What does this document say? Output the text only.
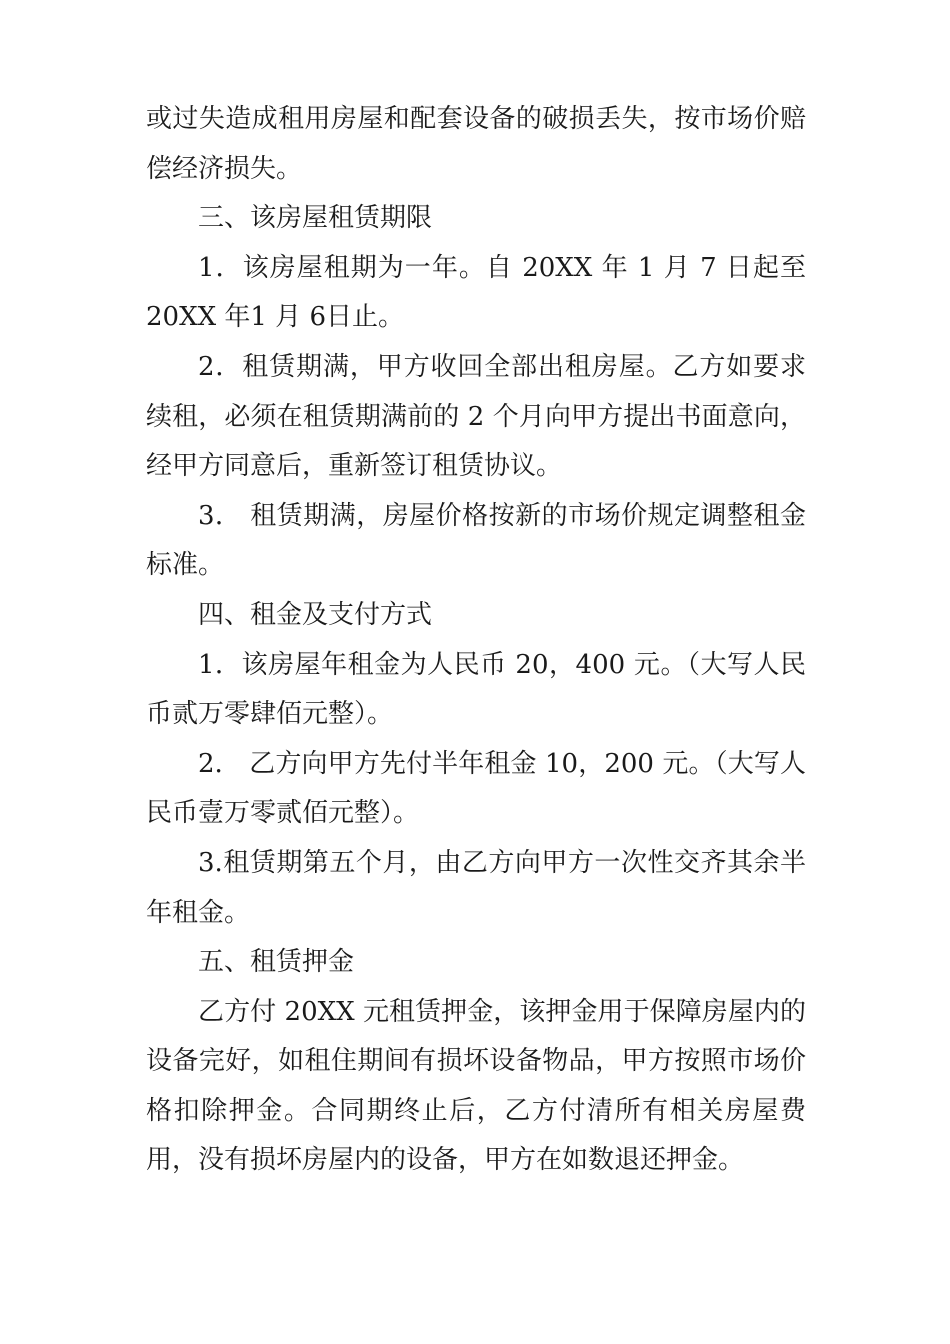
或过失造成租用房屋和配套设备的破损丢失，按市场价赔偿经济损失。

三、该房屋租赁期限

1．该房屋租期为一年。自 20XX 年 1 月 7 日起至 20XX 年1 月 6日止。

2．租赁期满，甲方收回全部出租房屋。乙方如要求续租，必须在租赁期满前的 2 个月向甲方提出书面意向，经甲方同意后，重新签订租赁协议。

3． 租赁期满，房屋价格按新的市场价规定调整租金标准。

四、租金及支付方式

1．该房屋年租金为人民币 20，400 元。（大写人民币贰万零肆佰元整）。

2． 乙方向甲方先付半年租金 10，200 元。（大写人民币壹万零贰佰元整）。

3.租赁期第五个月，由乙方向甲方一次性交齐其余半年租金。

五、租赁押金

乙方付 20XX 元租赁押金，该押金用于保障房屋内的设备完好，如租住期间有损坏设备物品，甲方按照市场价格扣除押金。合同期终止后，乙方付清所有相关房屋费用，没有损坏房屋内的设备，甲方在如数退还押金。
